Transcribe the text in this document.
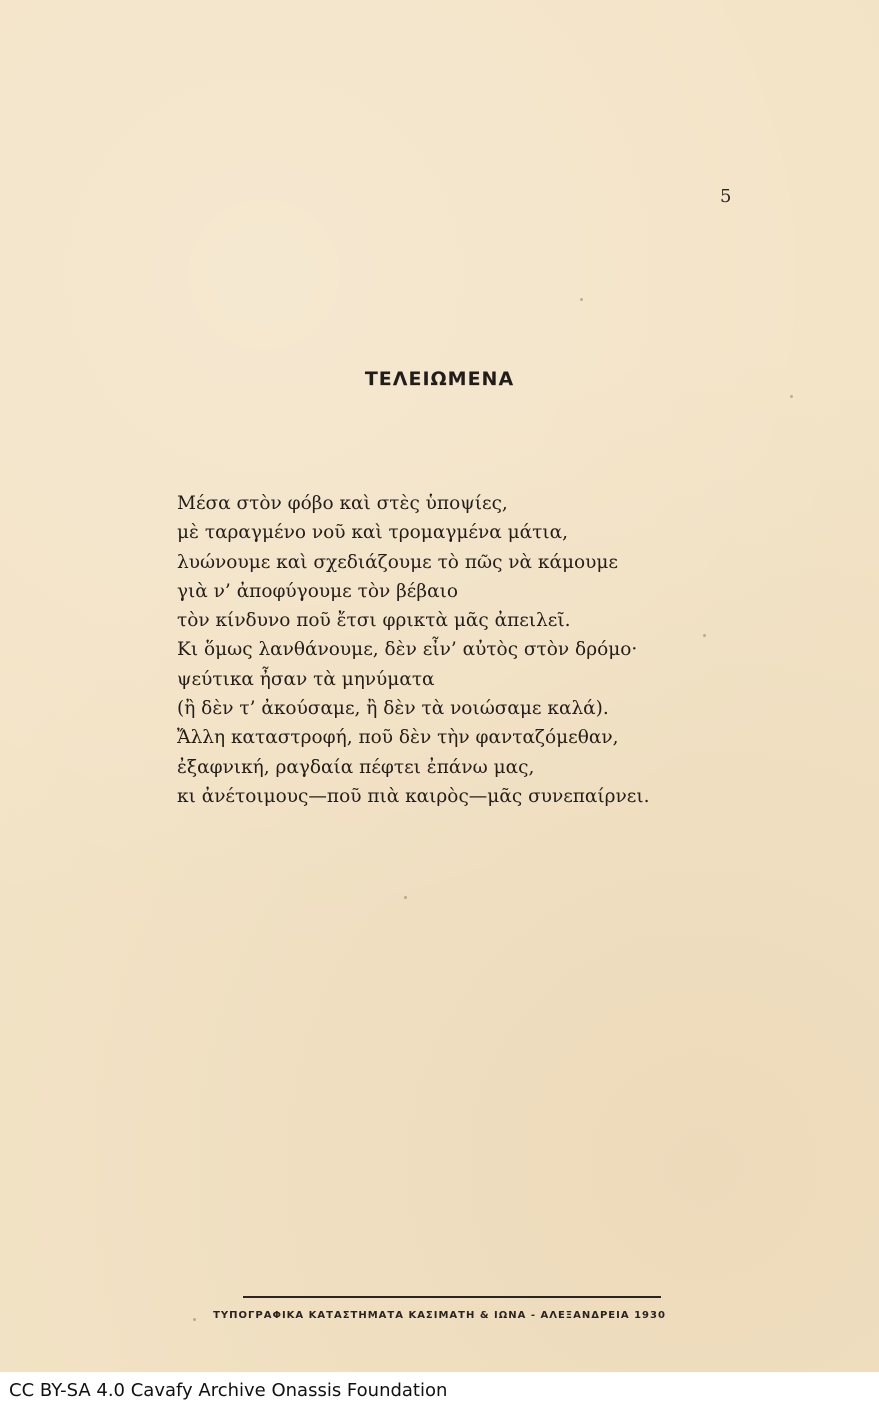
5
ΤΕΛΕΙΩΜΕΝΑ
Μέσα στὸν φόβο καὶ στὲς ὑποψίες,
μὲ ταραγμένο νοῦ καὶ τρομαγμένα μάτια,
λυώνουμε καὶ σχεδιάζουμε τὸ πῶς νὰ κάμουμε
γιὰ ν’ ἀποφύγουμε τὸν βέβαιο
τὸν κίνδυνο ποῦ ἔτσι φρικτὰ μᾶς ἀπειλεῖ.
Κι ὅμως λανθάνουμε, δὲν εἶν’ αὐτὸς στὸν δρόμο·
ψεύτικα ἦσαν τὰ μηνύματα
(ἢ δὲν τ’ ἀκούσαμε, ἢ δὲν τὰ νοιώσαμε καλά).
Ἄλλη καταστροφή, ποῦ δὲν τὴν φανταζόμεθαν,
ἐξαφνική, ραγδαία πέφτει ἐπάνω μας,
κι ἀνέτοιμους—ποῦ πιὰ καιρὸς—μᾶς συνεπαίρνει.
ΤΥΠΟΓΡΑΦΙΚΑ ΚΑΤΑΣΤΗΜΑΤΑ ΚΑΣΙΜΑΤΗ & ΙΩΝΑ - ΑΛΕΞΑΝΔΡΕΙΑ 1930
CC BY-SA 4.0 Cavafy Archive Onassis Foundation
